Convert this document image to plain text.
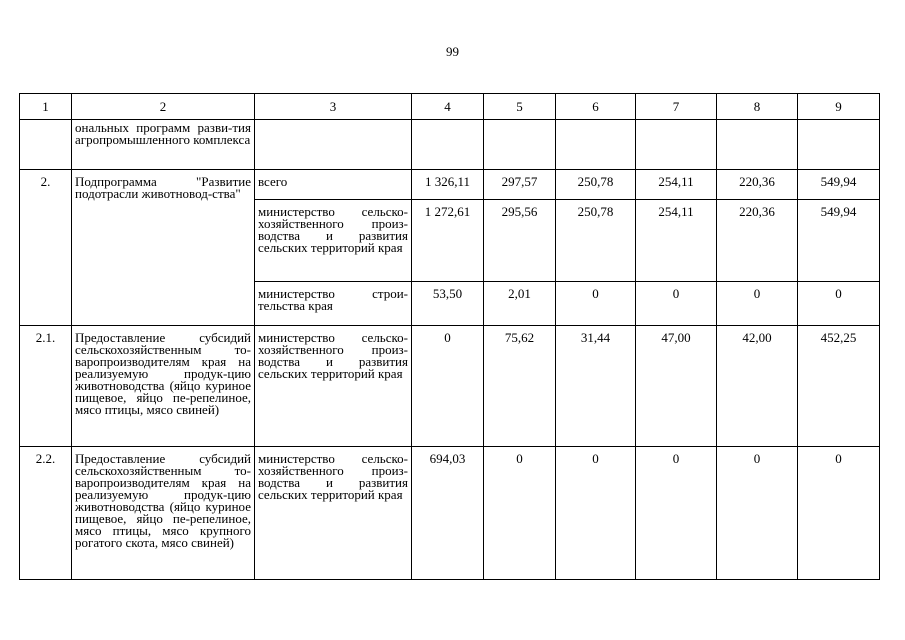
99
1	2	3	4	5	6	7	8	9
	ональных программ разви-тия агропромышленного комплекса							
2.	Подпрограмма "Развитие подотрасли животновод-ства"	всего	1 326,11	297,57	250,78	254,11	220,36	549,94
		министерство сельско-хозяйственного произ-водства и развития сельских территорий края	1 272,61	295,56	250,78	254,11	220,36	549,94
		министерство строи-тельства края	53,50	2,01	0	0	0	0
2.1.	Предоставление субсидий сельскохозяйственным то-варопроизводителям края на реализуемую продук-цию животноводства (яйцо куриное пищевое, яйцо пе-репелиное, мясо птицы, мясо свиней)	министерство сельско-хозяйственного произ-водства и развития сельских территорий края	0	75,62	31,44	47,00	42,00	452,25
2.2.	Предоставление субсидий сельскохозяйственным то-варопроизводителям края на реализуемую продук-цию животноводства (яйцо куриное пищевое, яйцо пе-репелиное, мясо птицы, мясо крупного рогатого скота, мясо свиней)	министерство сельско-хозяйственного произ-водства и развития сельских территорий края	694,03	0	0	0	0	0
